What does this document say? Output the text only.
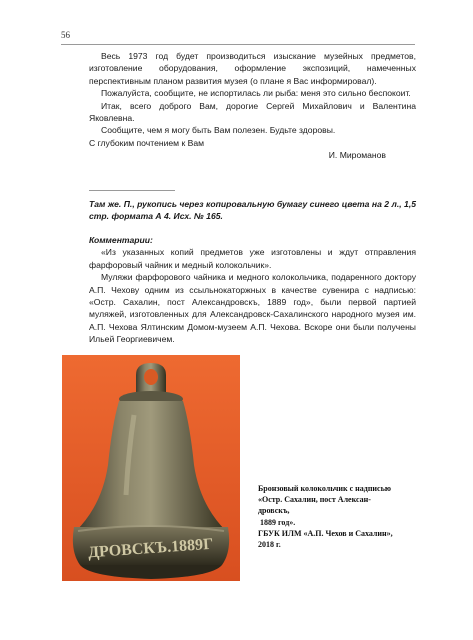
56

Весь 1973 год будет производиться изыскание музейных предметов, изготовление оборудования, оформление экспозиций, намеченных перспективным планом развития музея (о плане я Вас информировал).

Пожалуйста, сообщите, не испортилась ли рыба: меня это сильно беспокоит.

Итак, всего доброго Вам, дорогие Сергей Михайлович и Валентина Яковлевна.

Сообщите, чем я могу быть Вам полезен. Будьте здоровы.

С глубоким почтением к Вам
И. Мироманов

Там же. П., рукопись через копировальную бумагу синего цвета на 2 л., 1,5 стр. формата А 4. Исх. № 165.

Комментарии:

«Из указанных копий предметов уже изготовлены и ждут отправления фарфоровый чайник и медный колокольчик».

Муляжи фарфорового чайника и медного колокольчика, подаренного доктору А.П. Чехову одним из ссыльнокаторжных в качестве сувенира с надписью: «Остр. Сахалин, пост Александровскъ, 1889 год», были первой партией муляжей, изготовленных для Александровск-Сахалинского народного музея им. А.П. Чехова Ялтинским Домом-музеем А.П. Чехова. Вскоре они были получены Ильей Георгиевичем.

ДРОВСКЪ.1889Г
Бронзовый колокольчик с надписью
«Остр. Сахалин, пост Алексан-
дровскъ,
1889 год».
ГБУК ИЛМ «А.П. Чехов и Сахалин»,
2018 г.
